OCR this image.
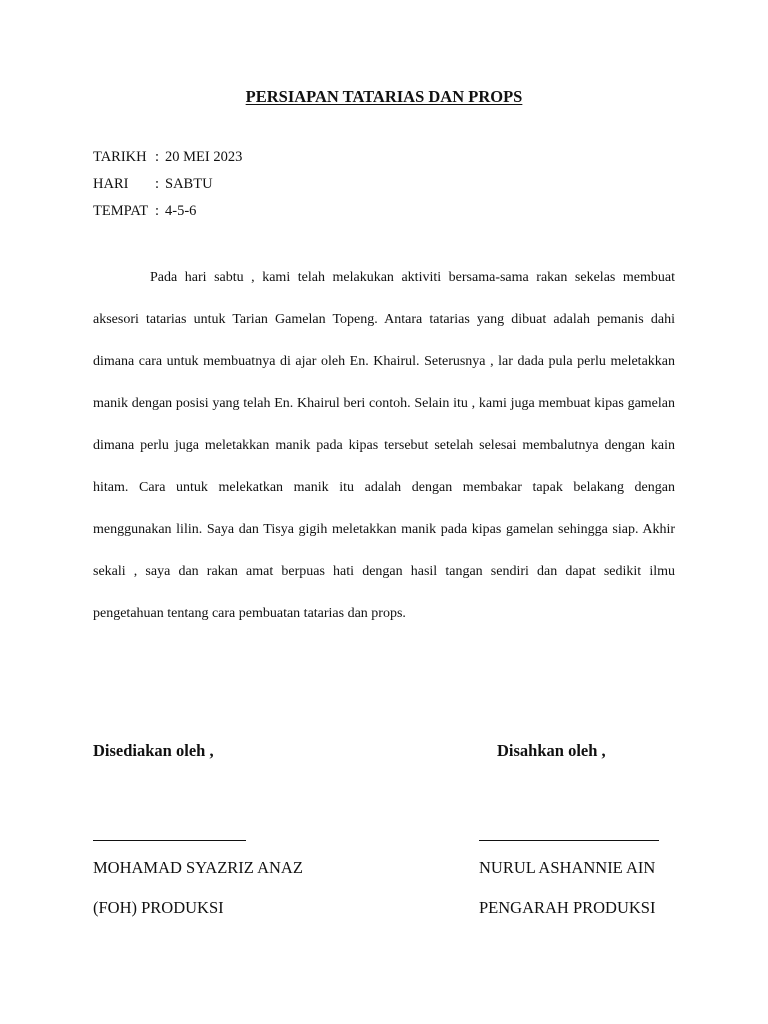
PERSIAPAN TATARIAS DAN PROPS

TARIKH : 20 MEI 2023

HARI : SABTU

TEMPAT : 4-5-6

Pada hari sabtu , kami telah melakukan aktiviti bersama-sama rakan sekelas membuat aksesori tatarias untuk Tarian Gamelan Topeng. Antara tatarias yang dibuat adalah pemanis dahi dimana cara untuk membuatnya di ajar oleh En. Khairul. Seterusnya , lar dada pula perlu meletakkan manik dengan posisi yang telah En. Khairul beri contoh. Selain itu , kami juga membuat kipas gamelan dimana perlu juga meletakkan manik pada kipas tersebut setelah selesai membalutnya dengan kain hitam. Cara untuk melekatkan manik itu adalah dengan membakar tapak belakang dengan menggunakan lilin. Saya dan Tisya gigih meletakkan manik pada kipas gamelan sehingga siap. Akhir sekali , saya dan rakan amat berpuas hati dengan hasil tangan sendiri dan dapat sedikit ilmu pengetahuan tentang cara pembuatan tatarias dan props.

Disediakan oleh ,	Disahkan oleh ,

MOHAMAD SYAZRIZ ANAZ	NURUL ASHANNIE AIN

(FOH) PRODUKSI	PENGARAH PRODUKSI
